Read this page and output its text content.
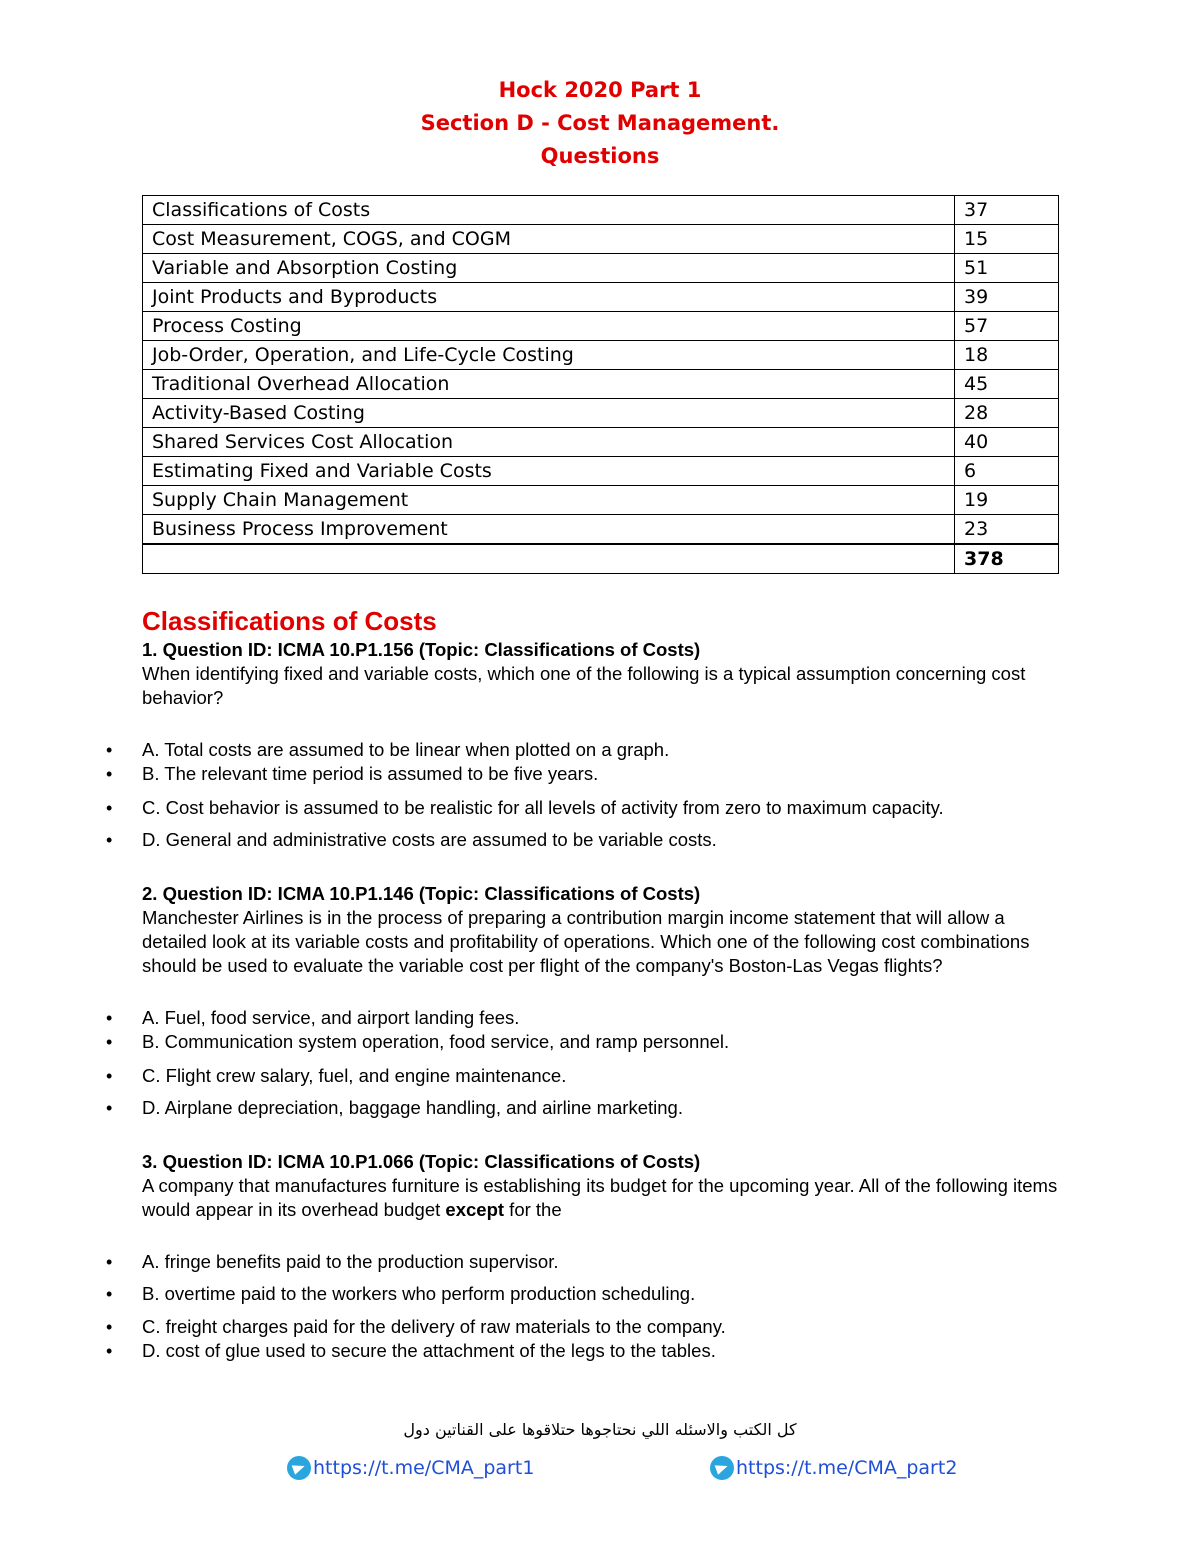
Hock 2020 Part 1
Section D - Cost Management.
Questions
Classifications of Costs	37
Cost Measurement, COGS, and COGM	15
Variable and Absorption Costing	51
Joint Products and Byproducts	39
Process Costing	57
Job-Order, Operation, and Life-Cycle Costing	18
Traditional Overhead Allocation	45
Activity-Based Costing	28
Shared Services Cost Allocation	40
Estimating Fixed and Variable Costs	6
Supply Chain Management	19
Business Process Improvement	23
	378
Classifications of Costs
1. Question ID: ICMA 10.P1.156 (Topic: Classifications of Costs)
When identifying fixed and variable costs, which one of the following is a typical assumption concerning cost behavior?
• A. Total costs are assumed to be linear when plotted on a graph.
• B. The relevant time period is assumed to be five years.
• C. Cost behavior is assumed to be realistic for all levels of activity from zero to maximum capacity.
• D. General and administrative costs are assumed to be variable costs.
2. Question ID: ICMA 10.P1.146 (Topic: Classifications of Costs)
Manchester Airlines is in the process of preparing a contribution margin income statement that will allow a detailed look at its variable costs and profitability of operations. Which one of the following cost combinations should be used to evaluate the variable cost per flight of the company's Boston-Las Vegas flights?
• A. Fuel, food service, and airport landing fees.
• B. Communication system operation, food service, and ramp personnel.
• C. Flight crew salary, fuel, and engine maintenance.
• D. Airplane depreciation, baggage handling, and airline marketing.
3. Question ID: ICMA 10.P1.066 (Topic: Classifications of Costs)
A company that manufactures furniture is establishing its budget for the upcoming year. All of the following items would appear in its overhead budget except for the
• A. fringe benefits paid to the production supervisor.
• B. overtime paid to the workers who perform production scheduling.
• C. freight charges paid for the delivery of raw materials to the company.
• D. cost of glue used to secure the attachment of the legs to the tables.
كل الكتب والاسئله اللي نحتاجوها حتلاقوها على القناتين دول
https://t.me/CMA_part1	https://t.me/CMA_part2
